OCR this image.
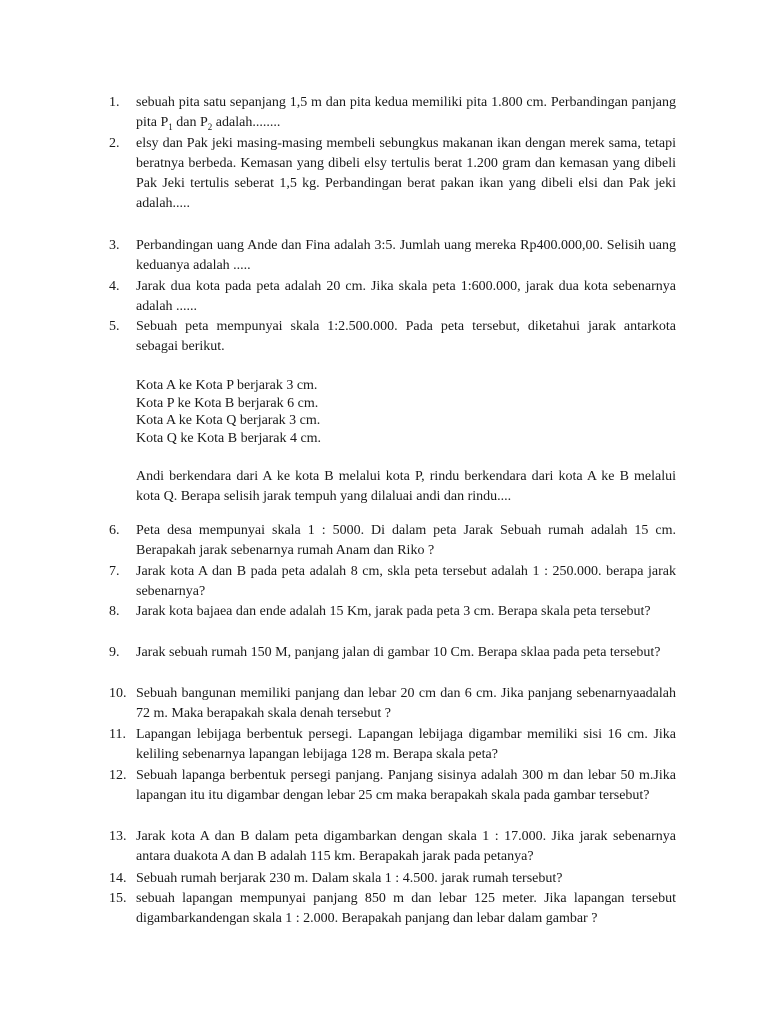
1.	sebuah pita satu sepanjang 1,5 m dan pita kedua memiliki pita 1.800 cm. Perbandingan panjang pita $P_1$ dan $P_2$ adalah........
2.	elsy dan Pak jeki masing-masing membeli sebungkus makanan ikan dengan merek sama, tetapi beratnya berbeda. Kemasan yang dibeli elsy tertulis berat 1.200 gram dan kemasan yang dibeli Pak Jeki tertulis seberat 1,5 kg. Perbandingan berat pakan ikan yang dibeli elsi dan Pak jeki adalah.....
3.	Perbandingan uang Ande dan Fina adalah 3:5. Jumlah uang mereka Rp400.000,00. Selisih uang keduanya adalah .....
4.	Jarak dua kota pada peta adalah 20 cm. Jika skala peta 1:600.000, jarak dua kota sebenarnya adalah ......
5.	Sebuah peta mempunyai skala 1:2.500.000. Pada peta tersebut, diketahui jarak antarkota sebagai berikut.
Kota A ke Kota P berjarak 3 cm.
Kota P ke Kota B berjarak 6 cm.
Kota A ke Kota Q berjarak 3 cm.
Kota Q ke Kota B berjarak 4 cm.
Andi berkendara dari A ke kota B melalui kota P, rindu berkendara dari kota A ke B melalui kota Q. Berapa selisih jarak tempuh yang dilaluai andi dan rindu....
6.	Peta desa mempunyai skala 1 : 5000. Di dalam peta Jarak Sebuah rumah adalah 15 cm. Berapakah jarak sebenarnya rumah Anam dan Riko ?
7.	Jarak kota A dan B pada peta adalah 8 cm, skla peta tersebut adalah 1 : 250.000. berapa jarak sebenarnya?
8.	Jarak kota bajaea dan ende adalah 15 Km, jarak pada peta 3 cm. Berapa skala peta tersebut?
9.	Jarak sebuah rumah 150 M, panjang jalan di gambar 10 Cm. Berapa sklaa pada peta tersebut?
10. Sebuah bangunan memiliki panjang dan lebar 20 cm dan 6 cm. Jika panjang sebenarnyaadalah 72 m. Maka berapakah skala denah tersebut ?
11. Lapangan lebijaga berbentuk persegi. Lapangan lebijaga digambar memiliki sisi 16 cm. Jika keliling sebenarnya lapangan lebijaga 128 m. Berapa skala peta?
12. Sebuah lapanga berbentuk persegi panjang. Panjang sisinya adalah 300 m dan lebar 50 m.Jika lapangan itu itu digambar dengan lebar 25 cm maka berapakah skala pada gambar tersebut?
13. Jarak kota A dan B dalam peta digambarkan dengan skala 1 : 17.000. Jika jarak sebenarnya antara duakota A dan B adalah 115 km. Berapakah jarak pada petanya?
14. Sebuah rumah berjarak 230 m. Dalam skala 1 : 4.500. jarak rumah tersebut?
15. sebuah lapangan mempunyai panjang 850 m dan lebar 125 meter. Jika lapangan tersebut digambarkandengan skala 1 : 2.000. Berapakah panjang dan lebar dalam gambar ?
